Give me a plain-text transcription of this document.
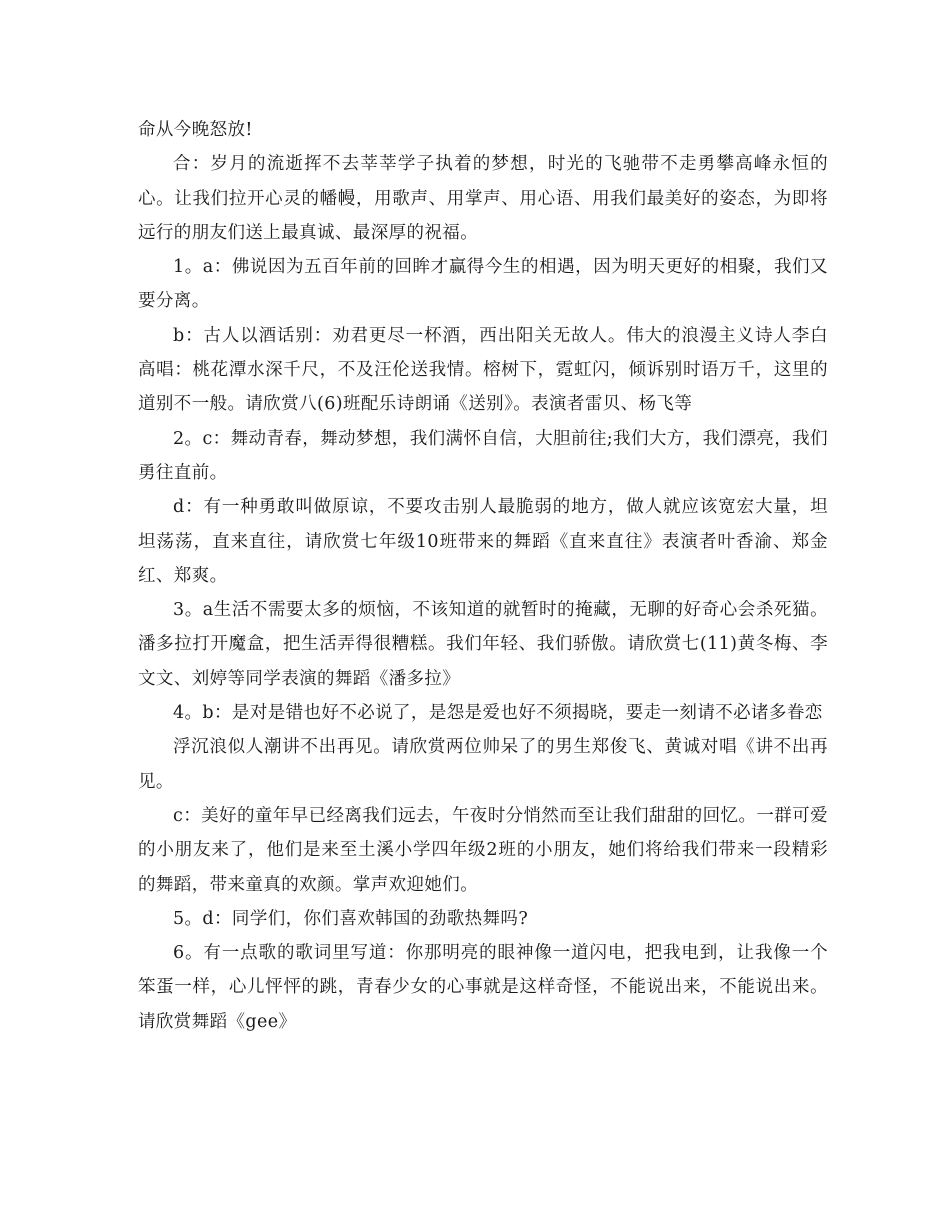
命从今晚怒放!

合：岁月的流逝挥不去莘莘学子执着的梦想，时光的飞驰带不走勇攀高峰永恒的心。让我们拉开心灵的幡幔，用歌声、用掌声、用心语、用我们最美好的姿态，为即将远行的朋友们送上最真诚、最深厚的祝福。

1。a：佛说因为五百年前的回眸才赢得今生的相遇，因为明天更好的相聚，我们又要分离。

b：古人以酒话别：劝君更尽一杯酒，西出阳关无故人。伟大的浪漫主义诗人李白高唱：桃花潭水深千尺，不及汪伦送我情。榕树下，霓虹闪，倾诉别时语万千，这里的道别不一般。请欣赏八(6)班配乐诗朗诵《送别》。表演者雷贝、杨飞等

2。c：舞动青春，舞动梦想，我们满怀自信，大胆前往;我们大方，我们漂亮，我们勇往直前。

d：有一种勇敢叫做原谅，不要攻击别人最脆弱的地方，做人就应该宽宏大量，坦坦荡荡，直来直往，请欣赏七年级10班带来的舞蹈《直来直往》表演者叶香渝、郑金红、郑爽。

3。a生活不需要太多的烦恼，不该知道的就暂时的掩藏，无聊的好奇心会杀死猫。潘多拉打开魔盒，把生活弄得很糟糕。我们年轻、我们骄傲。请欣赏七(11)黄冬梅、李文文、刘婷等同学表演的舞蹈《潘多拉》

4。b：是对是错也好不必说了，是怨是爱也好不须揭晓，要走一刻请不必诸多眷恋

浮沉浪似人潮讲不出再见。请欣赏两位帅呆了的男生郑俊飞、黄诚对唱《讲不出再见。

c：美好的童年早已经离我们远去，午夜时分悄然而至让我们甜甜的回忆。一群可爱的小朋友来了，他们是来至土溪小学四年级2班的小朋友，她们将给我们带来一段精彩的舞蹈，带来童真的欢颜。掌声欢迎她们。

5。d：同学们，你们喜欢韩国的劲歌热舞吗?

6。有一点歌的歌词里写道：你那明亮的眼神像一道闪电，把我电到，让我像一个笨蛋一样，心儿怦怦的跳，青春少女的心事就是这样奇怪，不能说出来，不能说出来。请欣赏舞蹈《gee》
